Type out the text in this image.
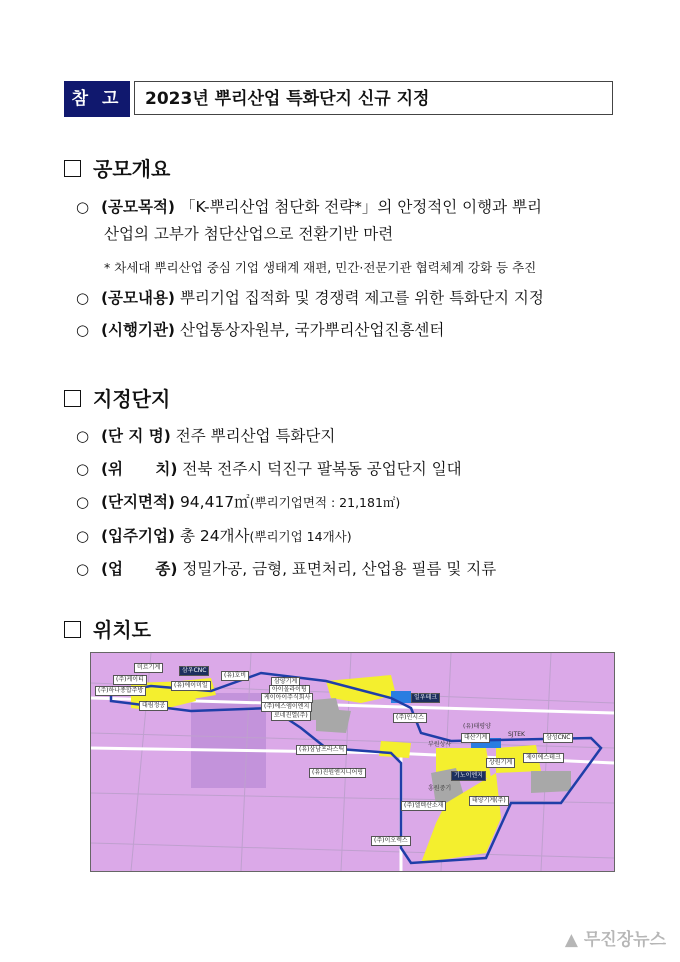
참 고	2023년 뿌리산업 특화단지 신규 지정
공모개요
○ (공모목적) 「K-뿌리산업 첨단화 전략*」의 안정적인 이행과 뿌리
산업의 고부가 첨단산업으로 전환기반 마련
* 차세대 뿌리산업 중심 기업 생태계 재편, 민간·전문기관 협력체계 강화 등 추진
○ (공모내용) 뿌리기업 집적화 및 경쟁력 제고를 위한 특화단지 지정
○ (시행기관) 산업통상자원부, 국가뿌리산업진흥센터
지정단지
○ (단 지 명) 전주 뿌리산업 특화단지
○ (위      치) 전북 전주시 덕진구 팔복동 공업단지 일대
○ (단지면적) 94,417㎡(뿌리기업면적 : 21,181㎡)
○ (입주기업) 총 24개사(뿌리기업 14개사)
○ (업      종) 정밀가공, 금형, 표면처리, 산업용 필름 및 지류
위치도
미르기계	삼우CNC
(주)케이티
(유)에이미일
(유)호비
(주)하나종합주방
대림정공
삼양기계
아이올라이팅
케이아이주식회사
(주)에스엠이엔지
로네진열(주)
일우테크
(주)인시스
(유)태평양
(유)삼남프라스틱
대산기계	SJTEK	삼성CNC
부원상사
상원기계
제이에스테크
(유)진원엔지니어링	기노이엔지
흥원중기
태양기계(주)
(주)엘텍산소재
(주)이오렉스
▲ 무진장뉴스
